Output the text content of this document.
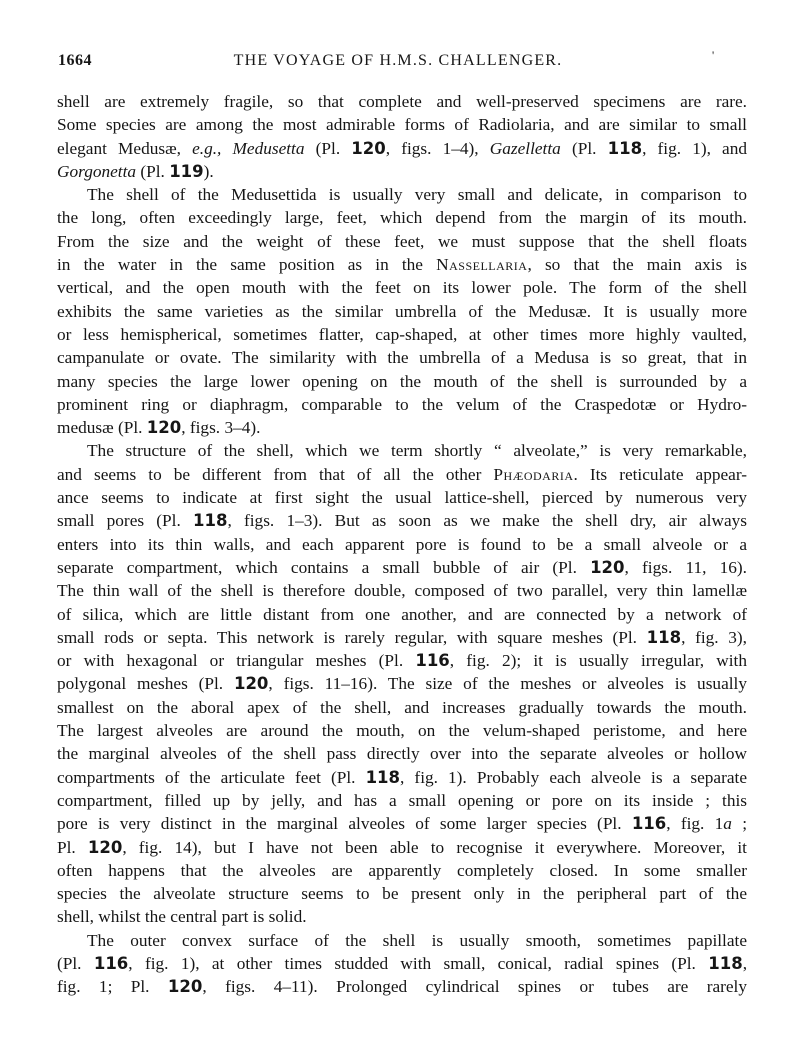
1664	THE VOYAGE OF H.M.S. CHALLENGER.	'
shell are extremely fragile, so that complete and well-preserved specimens are rare.
Some species are among the most admirable forms of Radiolaria, and are similar to small
elegant Medusæ, e.g., Medusetta (Pl. 120, figs. 1–4), Gazelletta (Pl. 118, fig. 1), and
Gorgonetta (Pl. 119).
The shell of the Medusettida is usually very small and delicate, in comparison to
the long, often exceedingly large, feet, which depend from the margin of its mouth.
From the size and the weight of these feet, we must suppose that the shell floats
in the water in the same position as in the Nassellaria, so that the main axis is
vertical, and the open mouth with the feet on its lower pole. The form of the shell
exhibits the same varieties as the similar umbrella of the Medusæ. It is usually more
or less hemispherical, sometimes flatter, cap-shaped, at other times more highly vaulted,
campanulate or ovate. The similarity with the umbrella of a Medusa is so great, that in
many species the large lower opening on the mouth of the shell is surrounded by a
prominent ring or diaphragm, comparable to the velum of the Craspedotæ or Hydro-
medusæ (Pl. 120, figs. 3–4).
The structure of the shell, which we term shortly “ alveolate,” is very remarkable,
and seems to be different from that of all the other Phæodaria. Its reticulate appear-
ance seems to indicate at first sight the usual lattice-shell, pierced by numerous very
small pores (Pl. 118, figs. 1–3). But as soon as we make the shell dry, air always
enters into its thin walls, and each apparent pore is found to be a small alveole or a
separate compartment, which contains a small bubble of air (Pl. 120, figs. 11, 16).
The thin wall of the shell is therefore double, composed of two parallel, very thin lamellæ
of silica, which are little distant from one another, and are connected by a network of
small rods or septa. This network is rarely regular, with square meshes (Pl. 118, fig. 3),
or with hexagonal or triangular meshes (Pl. 116, fig. 2); it is usually irregular, with
polygonal meshes (Pl. 120, figs. 11–16). The size of the meshes or alveoles is usually
smallest on the aboral apex of the shell, and increases gradually towards the mouth.
The largest alveoles are around the mouth, on the velum-shaped peristome, and here
the marginal alveoles of the shell pass directly over into the separate alveoles or hollow
compartments of the articulate feet (Pl. 118, fig. 1). Probably each alveole is a separate
compartment, filled up by jelly, and has a small opening or pore on its inside ; this
pore is very distinct in the marginal alveoles of some larger species (Pl. 116, fig. 1a ;
Pl. 120, fig. 14), but I have not been able to recognise it everywhere. Moreover, it
often happens that the alveoles are apparently completely closed. In some smaller
species the alveolate structure seems to be present only in the peripheral part of the
shell, whilst the central part is solid.
The outer convex surface of the shell is usually smooth, sometimes papillate
(Pl. 116, fig. 1), at other times studded with small, conical, radial spines (Pl. 118,
fig. 1; Pl. 120, figs. 4–11). Prolonged cylindrical spines or tubes are rarely
